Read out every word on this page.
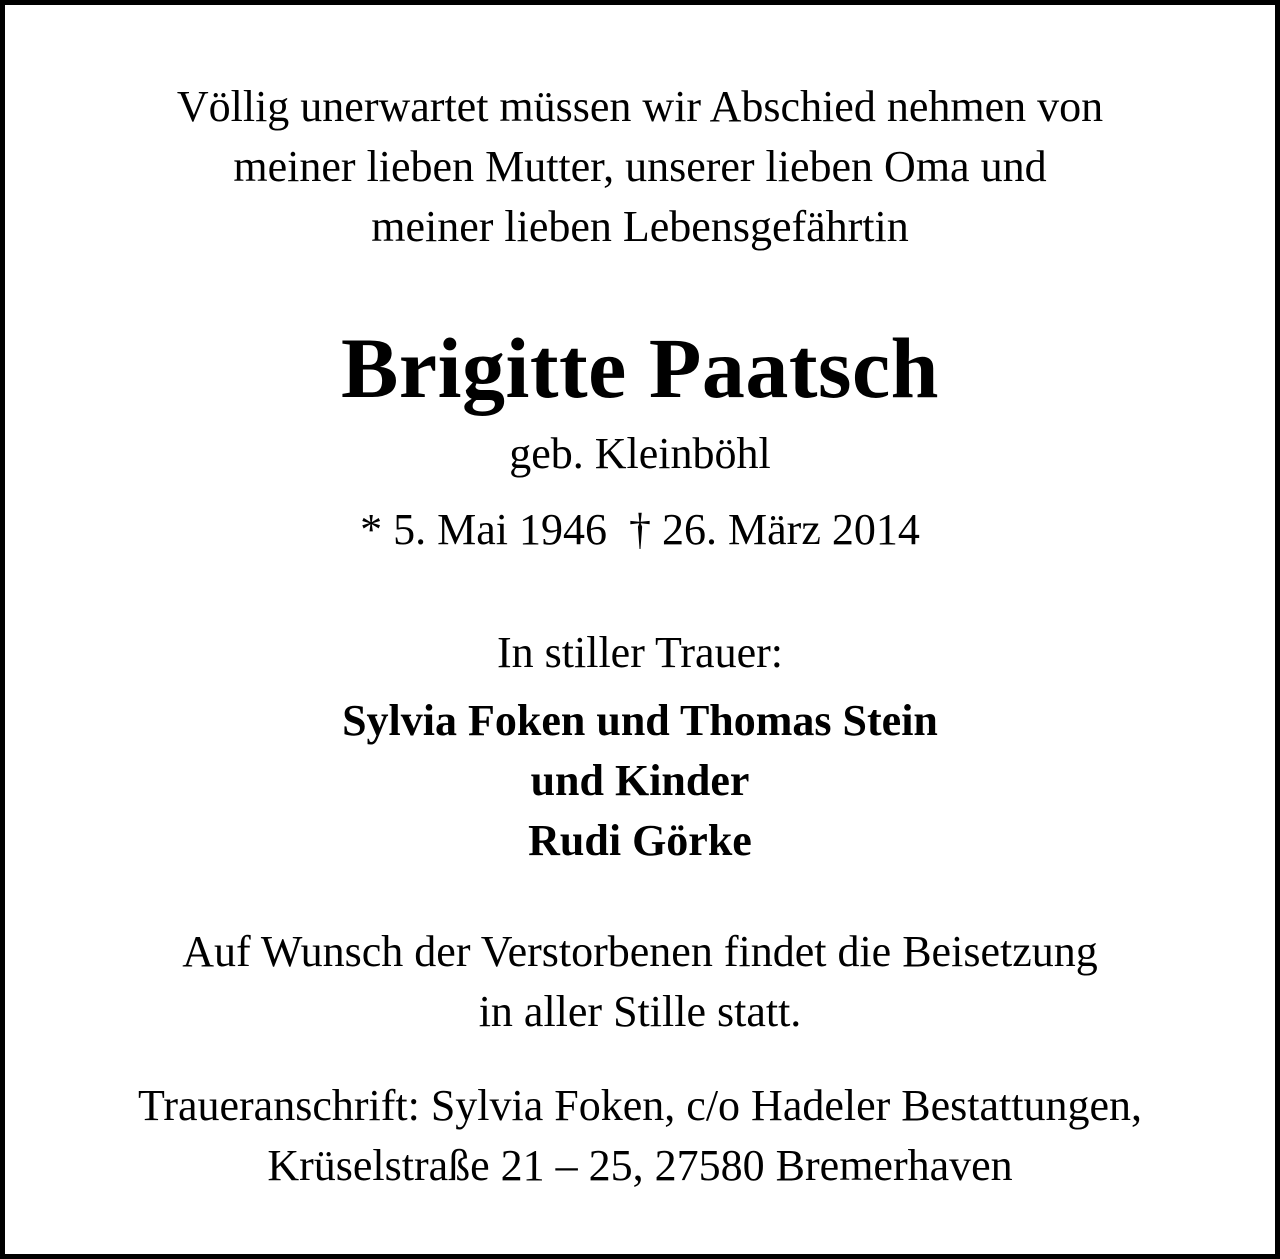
Völlig unerwartet müssen wir Abschied nehmen von

meiner lieben Mutter, unserer lieben Oma und

meiner lieben Lebensgefährtin

Brigitte Paatsch

geb. Kleinböhl

* 5. Mai 1946 † 26. März 2014

In stiller Trauer:

Sylvia Foken und Thomas Stein

und Kinder

Rudi Görke

Auf Wunsch der Verstorbenen findet die Beisetzung

in aller Stille statt.

Traueranschrift: Sylvia Foken, c/o Hadeler Bestattungen,

Krüselstraße 21 – 25, 27580 Bremerhaven
